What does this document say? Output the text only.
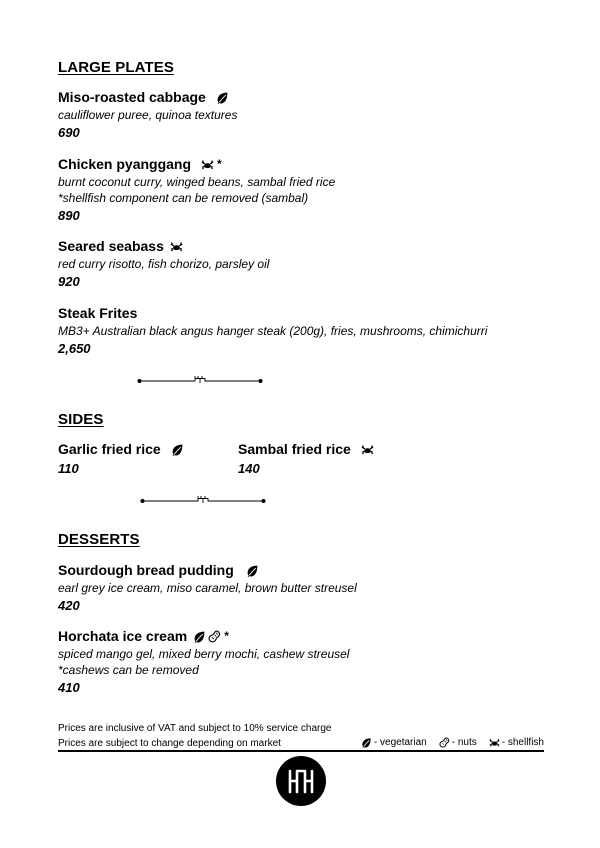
LARGE PLATES
Miso-roasted cabbage
cauliflower puree, quinoa textures
690
Chicken pyanggang *
burnt coconut curry, winged beans, sambal fried rice
*shellfish component can be removed (sambal)
890
Seared seabass
red curry risotto, fish chorizo, parsley oil
920
Steak Frites
MB3+ Australian black angus hanger steak (200g), fries, mushrooms, chimichurri
2,650
SIDES
Garlic fried rice
110
Sambal fried rice
140
DESSERTS
Sourdough bread pudding
earl grey ice cream, miso caramel, brown butter streusel
420
Horchata ice cream	*
spiced mango gel, mixed berry mochi, cashew streusel
*cashews can be removed
410
Prices are inclusive of VAT and subject to 10% service charge
Prices are subject to change depending on market	- vegetarian	- nuts	- shellfish
